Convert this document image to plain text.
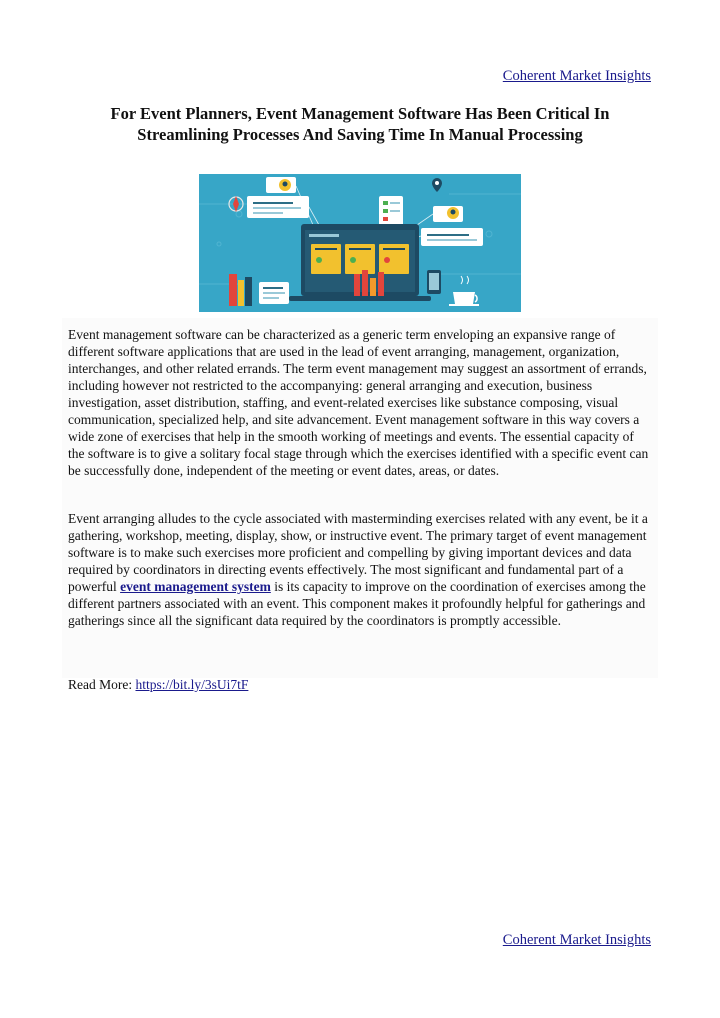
Coherent Market Insights
For Event Planners, Event Management Software Has Been Critical In
Streamlining Processes And Saving Time In Manual Processing

Event management software can be characterized as a generic term enveloping an expansive range of different software applications that are used in the lead of event arranging, management, organization, interchanges, and other related errands. The term event management may suggest an assortment of errands, including however not restricted to the accompanying: general arranging and execution, business investigation, asset distribution, staffing, and event-related exercises like substance composing, visual communication, specialized help, and site advancement. Event management software in this way covers a wide zone of exercises that help in the smooth working of meetings and events. The essential capacity of the software is to give a solitary focal stage through which the exercises identified with a specific event can be successfully done, independent of the meeting or event dates, areas, or dates.

Event arranging alludes to the cycle associated with masterminding exercises related with any event, be it a gathering, workshop, meeting, display, show, or instructive event. The primary target of event management software is to make such exercises more proficient and compelling by giving important devices and data required by coordinators in directing events effectively. The most significant and fundamental part of a powerful event management system is its capacity to improve on the coordination of exercises among the different partners associated with an event. This component makes it profoundly helpful for gatherings and gatherings since all the significant data required by the coordinators is promptly accessible.

Read More: https://bit.ly/3sUi7tF
Coherent Market Insights
